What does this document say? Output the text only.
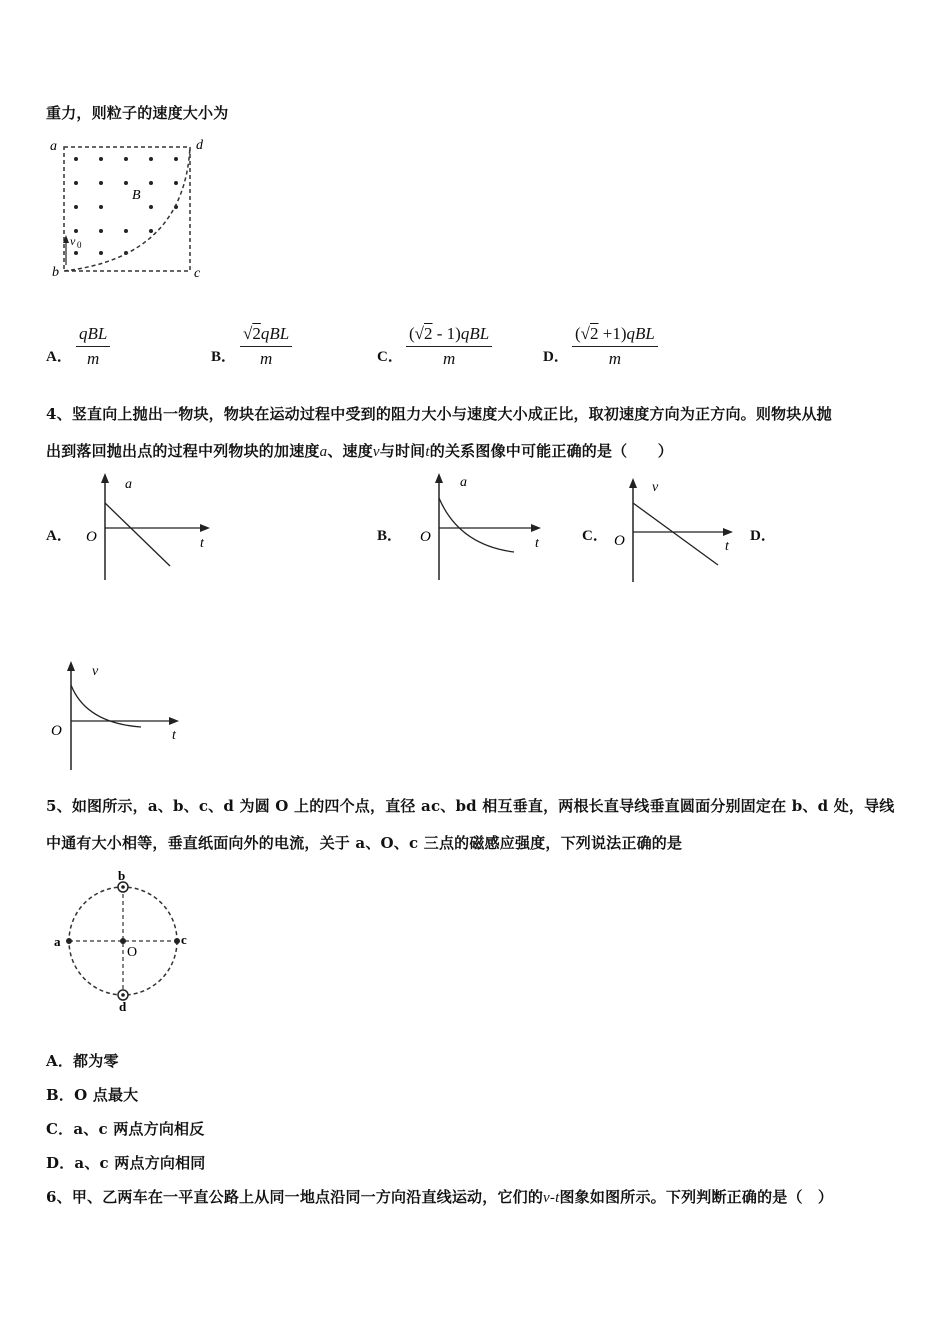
重力，则粒子的速度大小为
a	d
b	c
B
v 0
A．
qBL
m	B．
√2qBL
m	C．
(√2 - 1)qBL
m	D．
(√2 +1)qBL
m
4、竖直向上抛出一物块，物块在运动过程中受到的阻力大小与速度大小成正比，取初速度方向为正方向。则物块从抛
出到落回抛出点的过程中列物块的加速度a、速度v与时间t的关系图像中可能正确的是（　　）
A．
a
O	t	B．
a
O	t	C．
v
O	t
D．
v
O	t
5、如图所示，a、b、c、d 为圆 O 上的四个点，直径 ac、bd 相互垂直，两根长直导线垂直圆面分别固定在 b、d 处，导线
中通有大小相等，垂直纸面向外的电流，关于 a、O、c 三点的磁感应强度，下列说法正确的是
a
b
c
d
O
A．都为零
B．O 点最大
C．a、c 两点方向相反
D．a、c 两点方向相同
6、甲、乙两车在一平直公路上从同一地点沿同一方向沿直线运动，它们的v-t图象如图所示。下列判断正确的是（　）
